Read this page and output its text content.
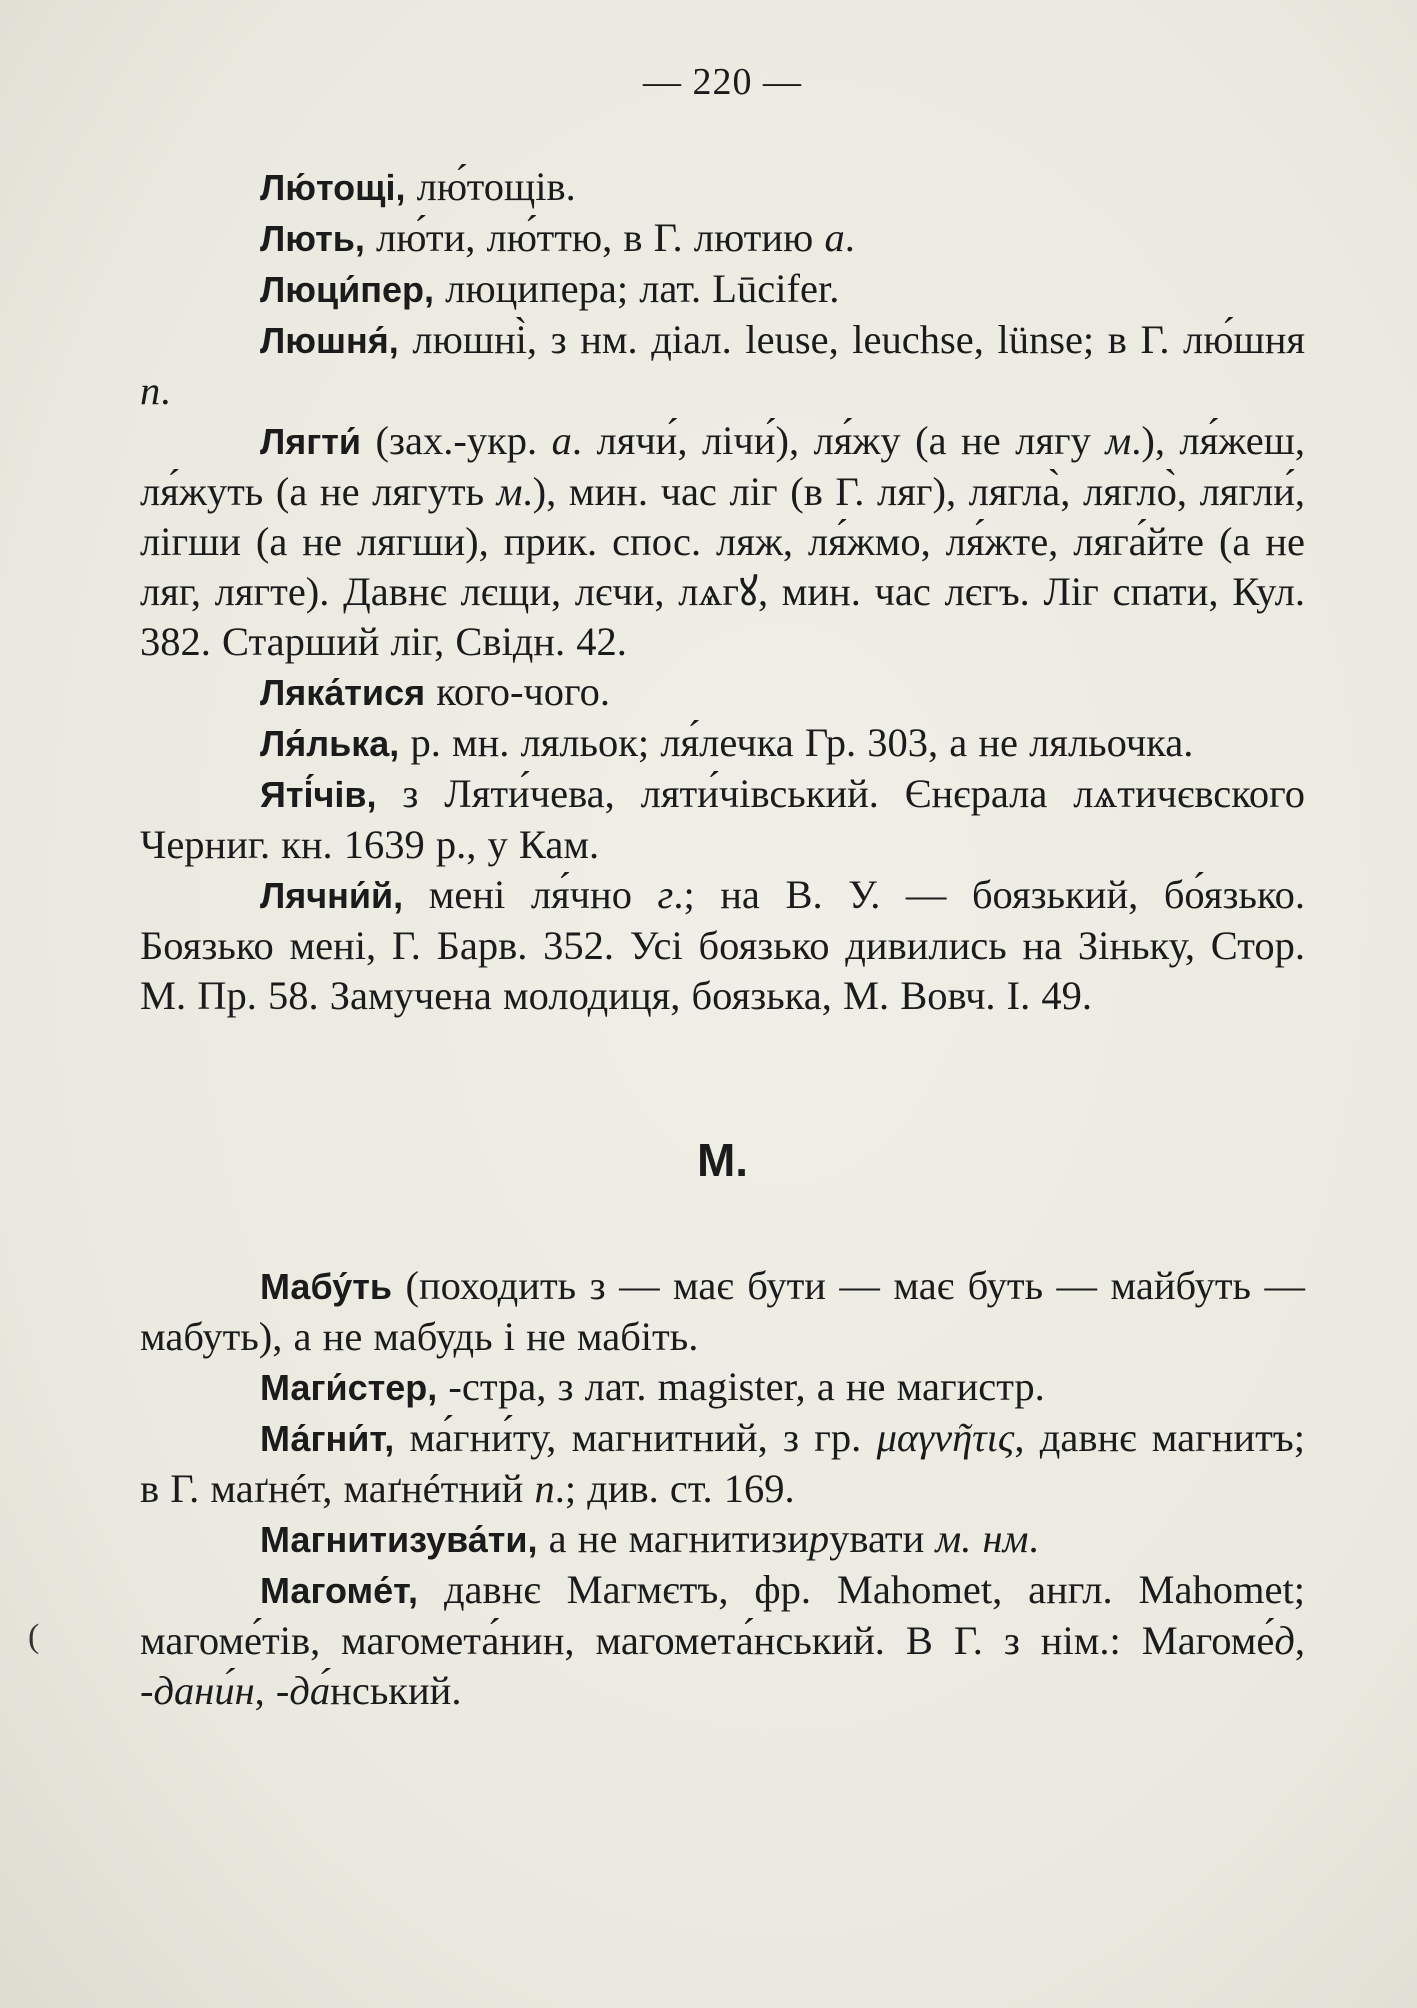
(
— 220 —

Лю́тощі, лю́тощів.

Лють, лю́ти, лю́ттю, в Г. лютию а.

Люци́пер, люципера; лат. Lūcifer.

Люшня́, люшні̀, з нм. діал. leuse, leuchse, lünse; в Г. лю́шня п.

Лягти́ (зах.-укр. а. лячи́, лічи́), ля́жу (а не лягу м.), ля́жеш, ля́жуть (а не лягуть м.), мин. час ліг (в Г. ляг), лягла̀, лягло̀, лягли́, лігши (а не лягши), прик. спос. ляж, ля́жмо, ля́жте, ляга́йте (а не ляг, лягте). Давнє лєщи, лєчи, лѧгꙋ, мин. час лєгъ. Ліг спати, Кул. 382. Старший ліг, Свідн. 42.

Ляка́тися кого-чого.

Ля́лька, р. мн. ляльок; ля́лечка Гр. 303, а не ляльочка.

Яті́чів, з Ляти́чева, ляти́чівський. Єнєрала лѧтичєвского Черниг. кн. 1639 р., у Кам.

Лячни́й, мені ля́чно г.; на В. У. — боязький, бо́язько. Боязько мені, Г. Барв. 352. Усі боязько дивились на Зіньку, Стор. М. Пр. 58. Замучена молодиця, боязька, М. Вовч. I. 49.

М.

Мабу́ть (походить з — має бути — має буть — майбуть — мабуть), а не мабудь і не мабіть.

Маги́стер, -стра, з лат. magister, а не магистр.

Ма́гни́т, ма́гни́ту, магнитний, з гр. μαγνῆτις, давнє магнитъ; в Г. маґнéт, маґнéтний п.; див. ст. 169.

Магнитизува́ти, а не магнитизирувати м. нм.

Магоме́т, давнє Магмєтъ, фр. Mahomet, англ. Mahomet; магоме́тів, магомета́нин, магомета́нський. В Г. з нім.: Магоме́д, -дани́н, -да́нський.
